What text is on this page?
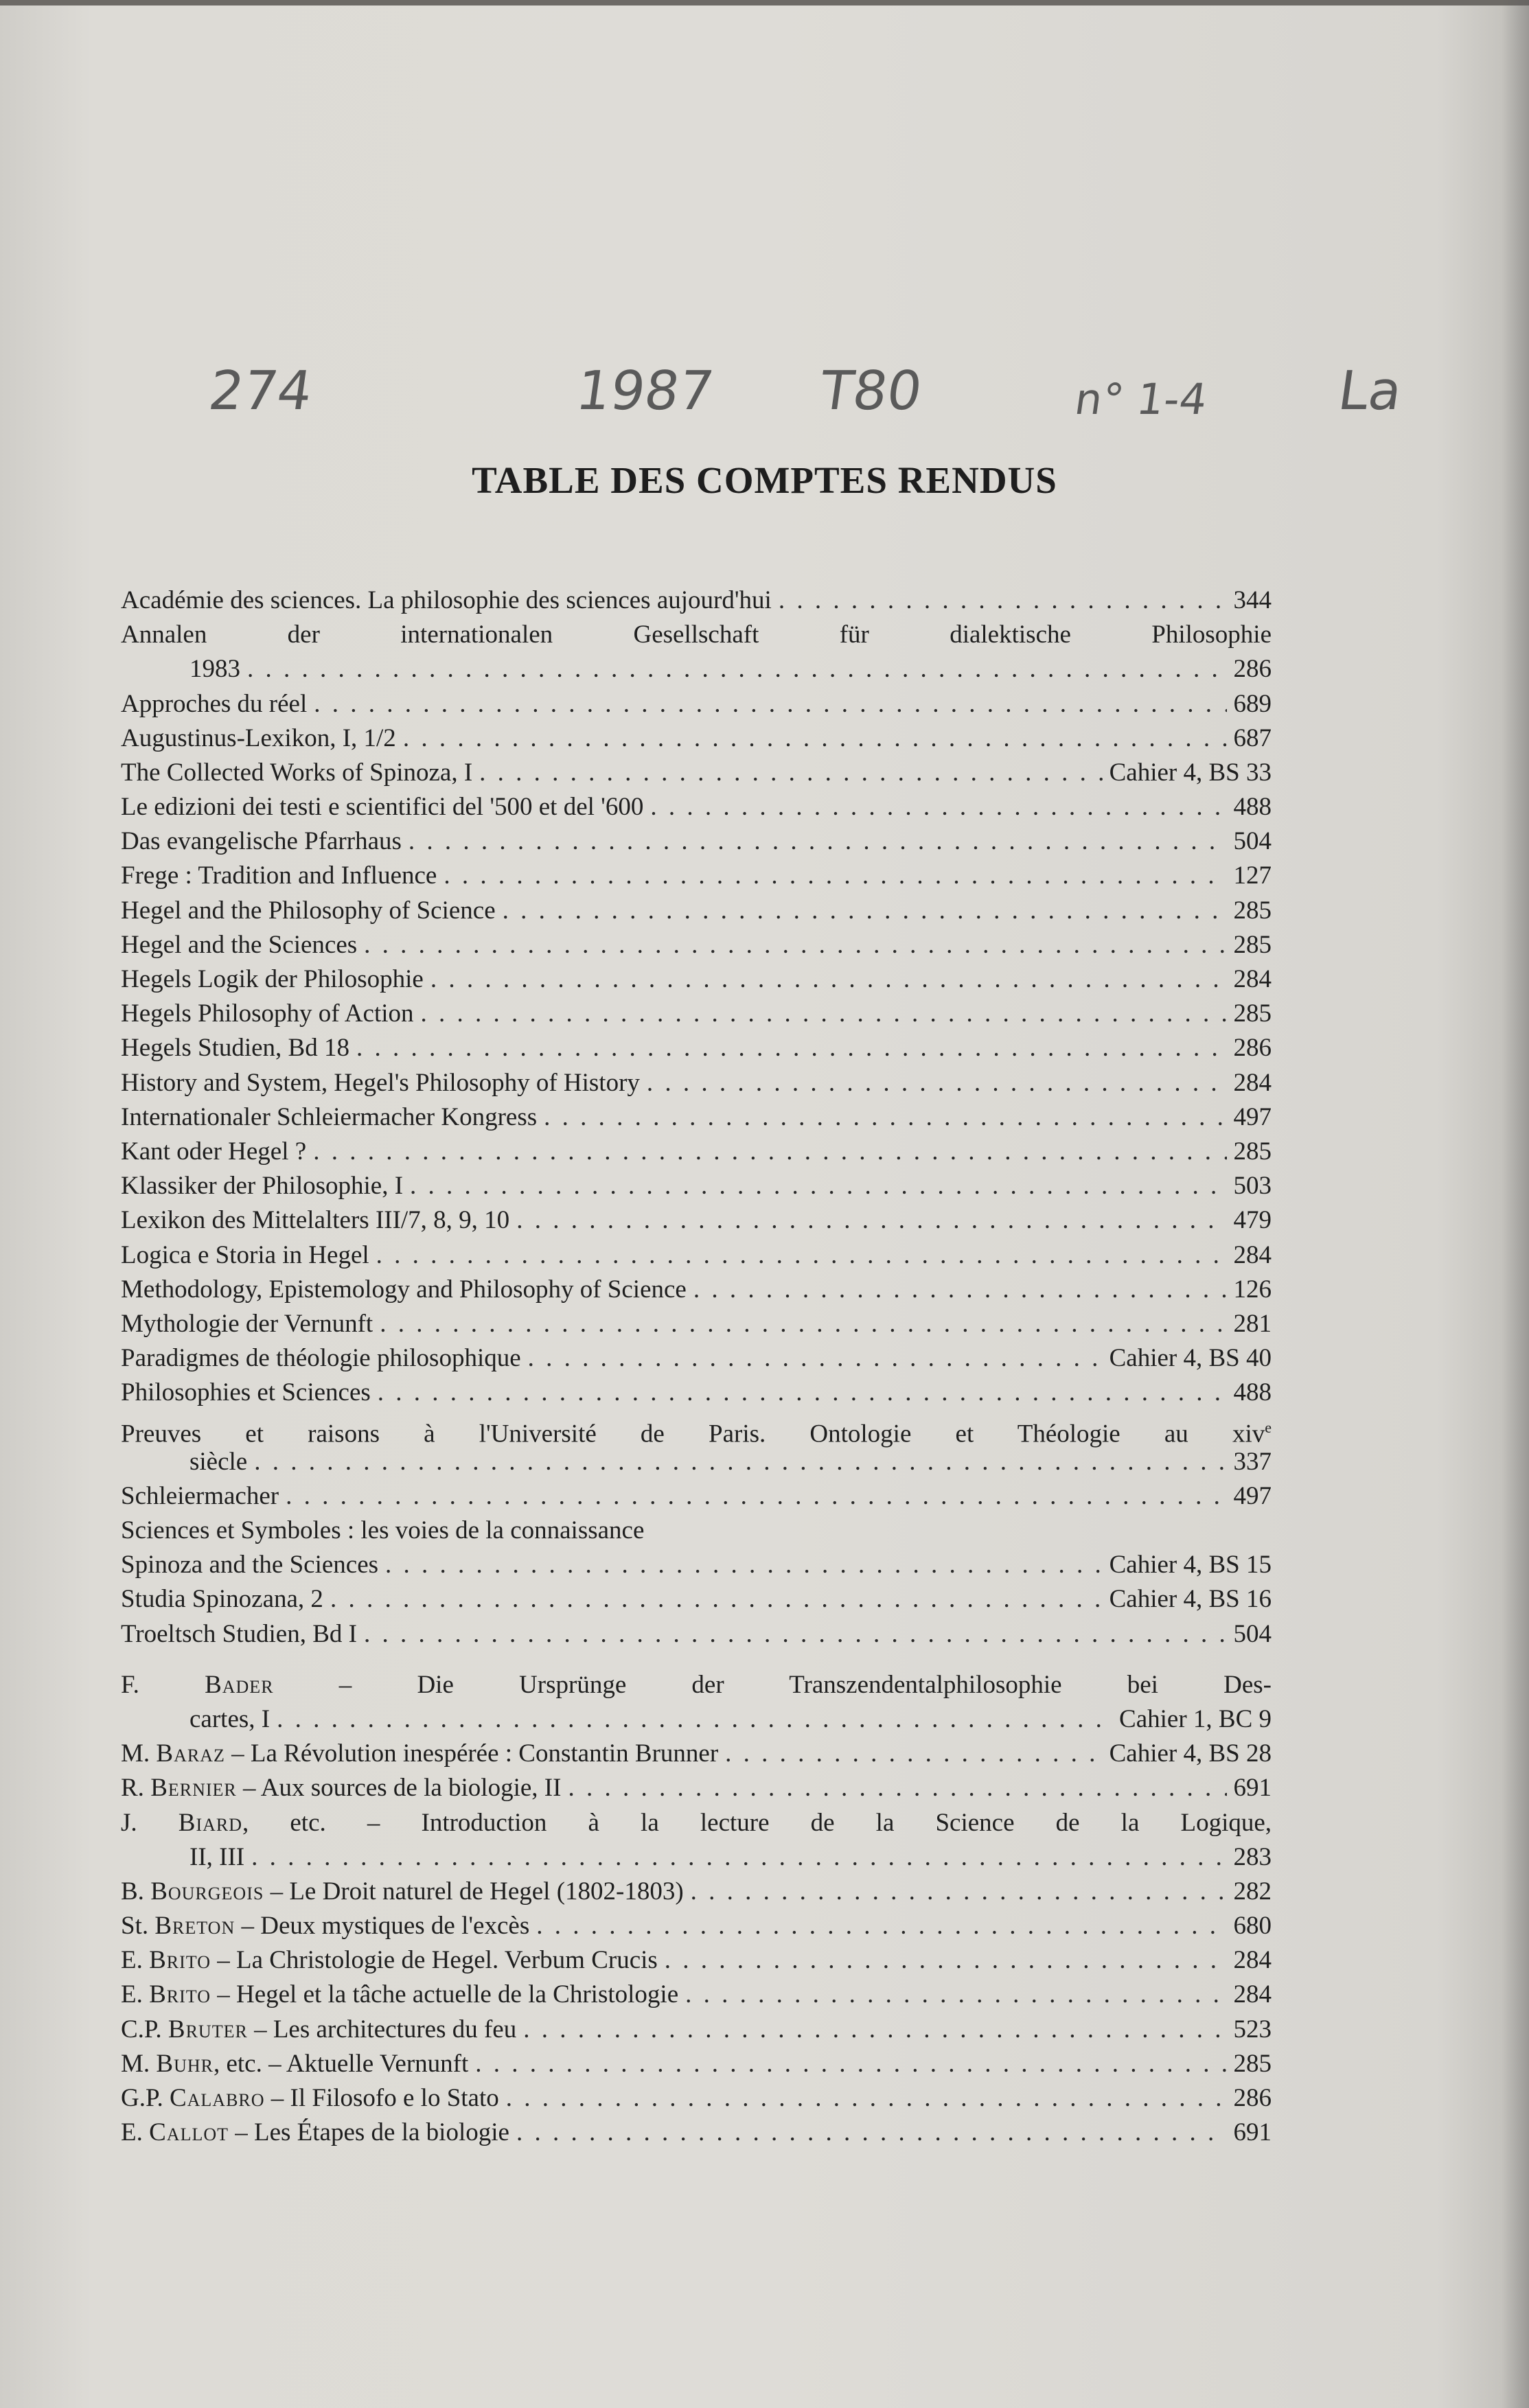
274	1987 T80	n° 1-4 La
TABLE DES COMPTES RENDUS
Académie des sciences. La philosophie des sciences aujourd'hui . . .	344
Annalen der internationalen Gesellschaft für dialektische Philosophie
1983 . . .	286
Approches du réel . . .	689
Augustinus-Lexikon, I, 1/2 . . .	687
The Collected Works of Spinoza, I . . .	Cahier 4, BS 33
Le edizioni dei testi e scientifici del '500 et del '600 . . .	488
Das evangelische Pfarrhaus . . .	504
Frege : Tradition and Influence . . .	127
Hegel and the Philosophy of Science . . .	285
Hegel and the Sciences . . .	285
Hegels Logik der Philosophie . . .	284
Hegels Philosophy of Action . . .	285
Hegels Studien, Bd 18 . . .	286
History and System, Hegel's Philosophy of History . . .	284
Internationaler Schleiermacher Kongress . . .	497
Kant oder Hegel ? . . .	285
Klassiker der Philosophie, I . . .	503
Lexikon des Mittelalters III/7, 8, 9, 10 . . .	479
Logica e Storia in Hegel . . .	284
Methodology, Epistemology and Philosophy of Science . . .	126
Mythologie der Vernunft . . .	281
Paradigmes de théologie philosophique . . .	Cahier 4, BS 40
Philosophies et Sciences . . .	488
Preuves et raisons à l'Université de Paris. Ontologie et Théologie au xiv$^e$
siècle . . .	337
Schleiermacher . . .	497
Sciences et Symboles : les voies de la connaissance
Spinoza and the Sciences . . .	Cahier 4, BS 15
Studia Spinozana, 2 . . .	Cahier 4, BS 16
Troeltsch Studien, Bd I . . .	504
F.	Bader – Die Ursprünge der Transzendentalphilosophie bei Des-
cartes, I . . .	Cahier 1, BC 9
M. Baraz – La Révolution inespérée : Constantin Brunner . . .	Cahier 4, BS 28
R. Bernier – Aux sources de la biologie, II . . .	691
J. Biard, etc. – Introduction à la lecture de la Science de la Logique,
II, III . . .	283
B. Bourgeois – Le Droit naturel de Hegel (1802-1803) . . .	282
St. Breton – Deux mystiques de l'excès . . .	680
E. Brito – La Christologie de Hegel. Verbum Crucis . . .	284
E. Brito – Hegel et la tâche actuelle de la Christologie . . .	284
C.P. Bruter – Les architectures du feu . . .	523
M. Buhr, etc. – Aktuelle Vernunft . . .	285
G.P. Calabro – Il Filosofo e lo Stato . . .	286
E. Callot – Les Étapes de la biologie . . .	691
